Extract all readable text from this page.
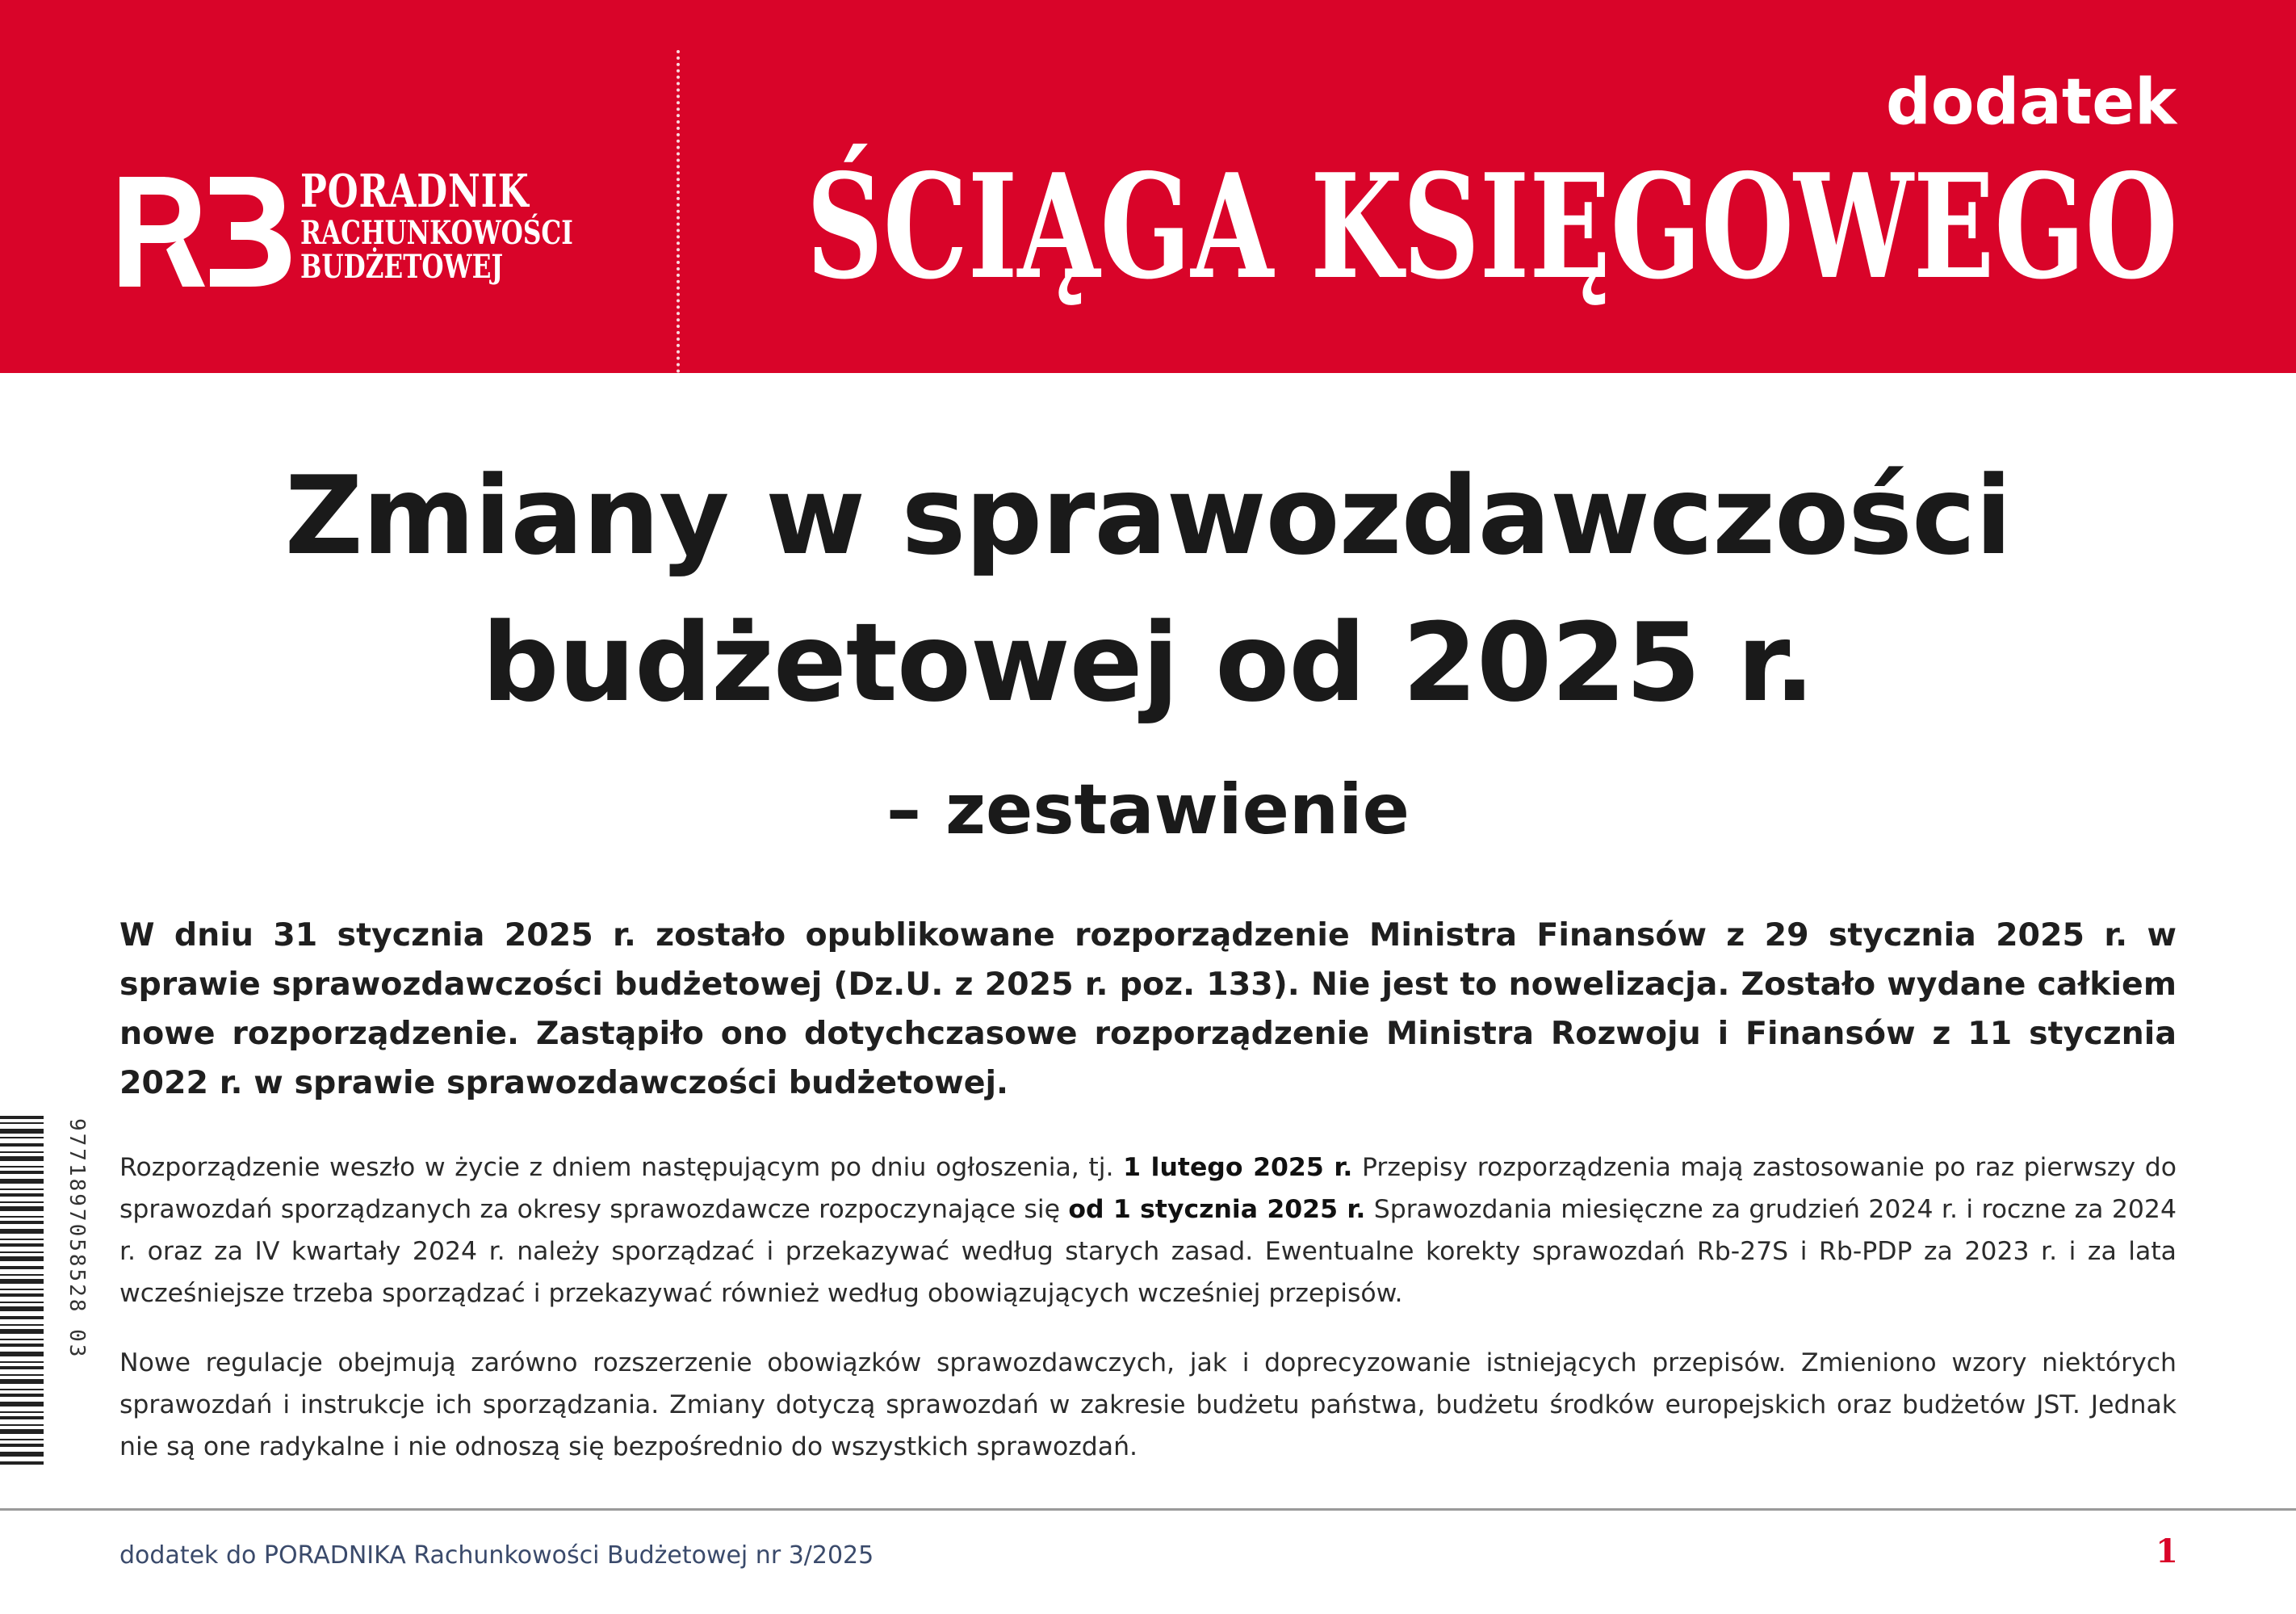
PORADNIK
RACHUNKOWOŚCI
BUDŻETOWEJ
dodatek
ŚCIĄGA KSIĘGOWEGO
Zmiany w sprawozdawczości
budżetowej od 2025 r.
– zestawienie
W dniu 31 stycznia 2025 r. zostało opublikowane rozporządzenie Ministra Finansów z 29 stycznia 2025 r. w sprawie sprawozdawczości budżetowej (Dz.U. z 2025 r. poz. 133). Nie jest to nowelizacja. Zostało wydane całkiem nowe rozporządzenie. Zastąpiło ono dotychczasowe rozporządzenie Ministra Rozwoju i Finansów z 11 stycznia 2022 r. w sprawie sprawozdawczości budżetowej.
Rozporządzenie weszło w życie z dniem następującym po dniu ogłoszenia, tj. 1 lutego 2025 r. Przepisy rozporządzenia mają zastosowanie po raz pierwszy do sprawozdań sporządzanych za okresy sprawozdawcze rozpoczynające się od 1 stycznia 2025 r. Sprawozdania miesięczne za grudzień 2024 r. i roczne za 2024 r. oraz za IV kwartały 2024 r. należy sporządzać i przekazywać według starych zasad. Ewentualne korekty sprawozdań Rb-27S i Rb-PDP za 2023 r. i za lata wcześniejsze trzeba sporządzać i przekazywać również według obowiązujących wcześniej przepisów.
Nowe regulacje obejmują zarówno rozszerzenie obowiązków sprawozdawczych, jak i doprecyzowanie istniejących przepisów. Zmieniono wzory niektórych sprawozdań i instrukcje ich sporządzania. Zmiany dotyczą sprawozdań w zakresie budżetu państwa, budżetu środków europejskich oraz budżetów JST. Jednak nie są one radykalne i nie odnoszą się bezpośrednio do wszystkich sprawozdań.
9771897058528 03
dodatek do PORADNIKA Rachunkowości Budżetowej nr 3/2025	1
